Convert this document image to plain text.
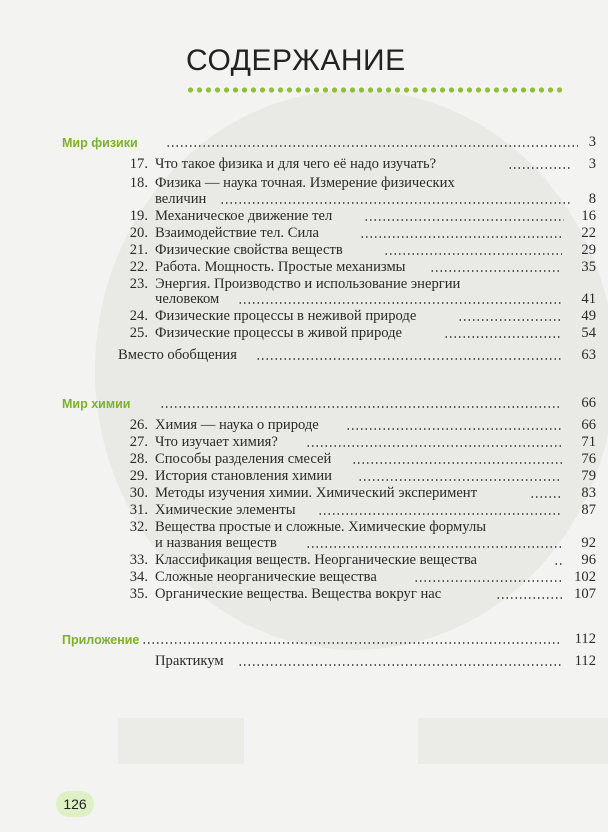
СОДЕРЖАНИЕ
Мир физики	3
17. Что такое физика и для чего её надо изучать?	3
18. Физика — наука точная. Измерение физических
величин	8
19. Механическое движение тел	16
20. Взаимодействие тел. Сила	22
21. Физические свойства веществ	29
22. Работа. Мощность. Простые механизмы	35
23. Энергия. Производство и использование энергии
человеком	41
24. Физические процессы в неживой природе	49
25. Физические процессы в живой природе	54
Вместо обобщения	63
Мир химии	66
26. Химия — наука о природе	66
27. Что изучает химия?	71
28. Способы разделения смесей	76
29. История становления химии	79
30. Методы изучения химии. Химический эксперимент	83
31. Химические элементы	87
32. Вещества простые и сложные. Химические формулы
и названия веществ	92
33. Классификация веществ. Неорганические вещества	96
34. Сложные неорганические вещества	102
35. Органические вещества. Вещества вокруг нас	107
Приложение	112
Практикум	112
126
